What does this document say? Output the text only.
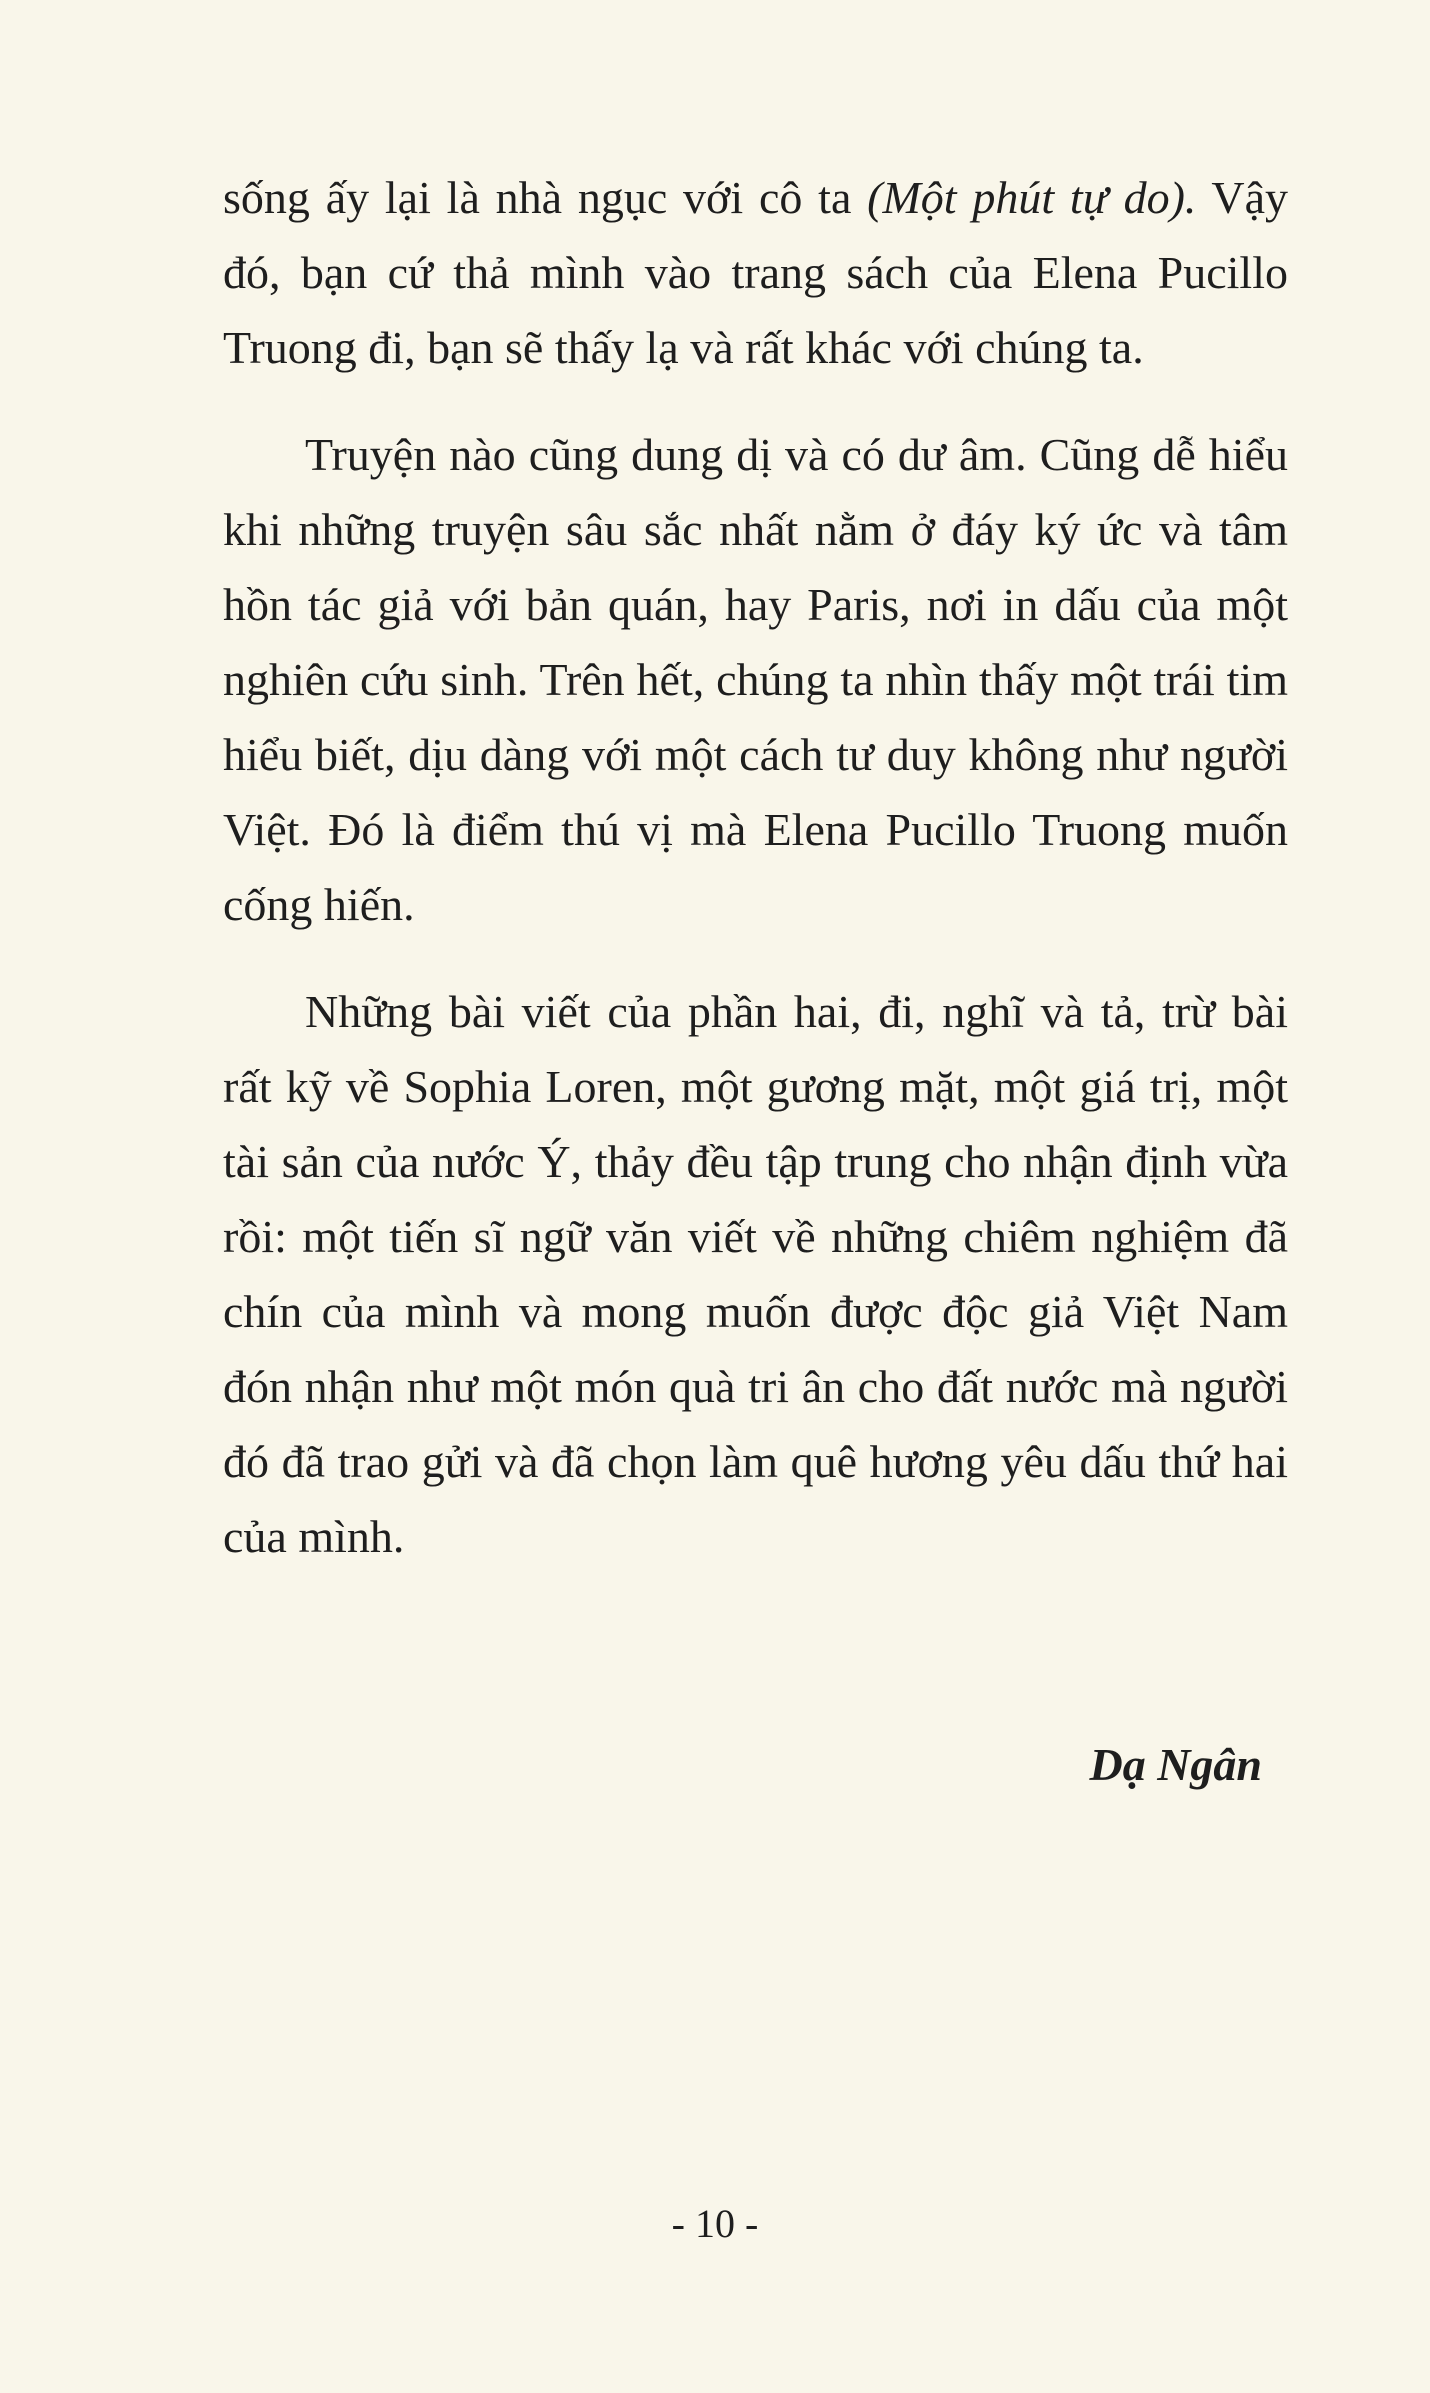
sống ấy lại là nhà ngục với cô ta (Một phút tự do). Vậy đó, bạn cứ thả mình vào trang sách của Elena Pucillo Truong đi, bạn sẽ thấy lạ và rất khác với chúng ta.

Truyện nào cũng dung dị và có dư âm. Cũng dễ hiểu khi những truyện sâu sắc nhất nằm ở đáy ký ức và tâm hồn tác giả với bản quán, hay Paris, nơi in dấu của một nghiên cứu sinh. Trên hết, chúng ta nhìn thấy một trái tim hiểu biết, dịu dàng với một cách tư duy không như người Việt. Đó là điểm thú vị mà Elena Pucillo Truong muốn cống hiến.

Những bài viết của phần hai, đi, nghĩ và tả, trừ bài rất kỹ về Sophia Loren, một gương mặt, một giá trị, một tài sản của nước Ý, thảy đều tập trung cho nhận định vừa rồi: một tiến sĩ ngữ văn viết về những chiêm nghiệm đã chín của mình và mong muốn được độc giả Việt Nam đón nhận như một món quà tri ân cho đất nước mà người đó đã trao gửi và đã chọn làm quê hương yêu dấu thứ hai của mình.

Dạ Ngân
- 10 -
